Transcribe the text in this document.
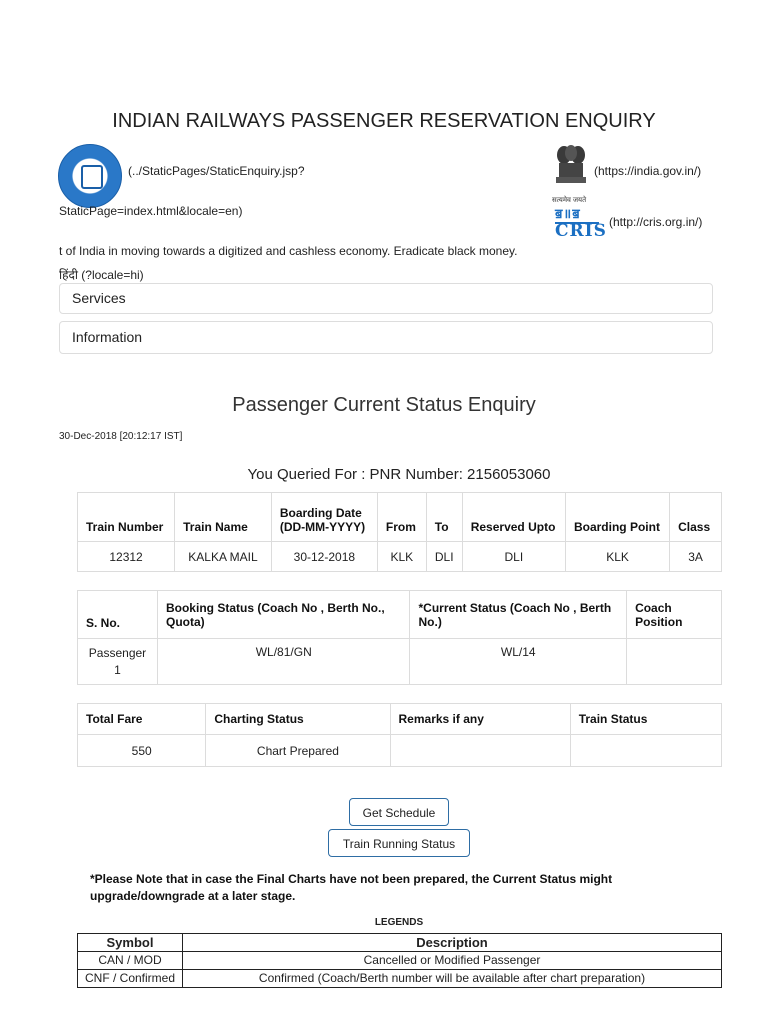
INDIAN RAILWAYS PASSENGER RESERVATION ENQUIRY
(../StaticPages/StaticEnquiry.jsp?
StaticPage=index.html&locale=en)
सत्यमेव जयते
(https://india.gov.in/)
ॿ॥ॿ
CRIS (http://cris.org.in/)
t of India in moving towards a digitized and cashless economy. Eradicate black money.
हिंदी (?locale=hi)
Services
Information
Passenger Current Status Enquiry
30-Dec-2018 [20:12:17 IST]
You Queried For : PNR Number: 2156053060
Train Number	Train Name	Boarding Date (DD-MM-YYYY)	From	To	Reserved Upto	Boarding Point	Class
12312	KALKA MAIL	30-12-2018	KLK	DLI	DLI	KLK	3A
S. No.	Booking Status (Coach No , Berth No., Quota)	*Current Status (Coach No , Berth No.)	Coach Position
Passenger 1	WL/81/GN	WL/14	
Total Fare	Charting Status	Remarks if any	Train Status
550	Chart Prepared		
Get Schedule
Train Running Status
*Please Note that in case the Final Charts have not been prepared, the Current Status might upgrade/downgrade at a later stage.
LEGENDS
Symbol	Description
CAN / MOD	Cancelled or Modified Passenger
CNF / Confirmed	Confirmed (Coach/Berth number will be available after chart preparation)
